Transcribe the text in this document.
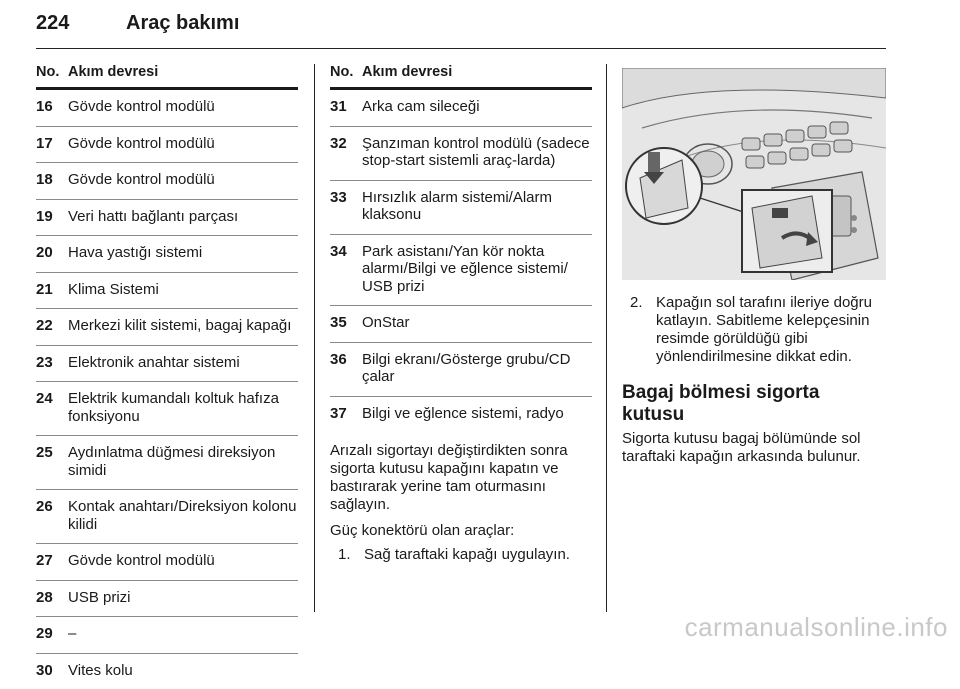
224	Araç bakımı
No. Akım devresi
16	Gövde kontrol modülü
17	Gövde kontrol modülü
18	Gövde kontrol modülü
19	Veri hattı bağlantı parçası
20	Hava yastığı sistemi
21	Klima Sistemi
22	Merkezi kilit sistemi, bagaj kapağı
23	Elektronik anahtar sistemi
24	Elektrik kumandalı koltuk hafıza fonksiyonu
25	Aydınlatma düğmesi direksiyon simidi
26	Kontak anahtarı/Direksiyon kolonu kilidi
27	Gövde kontrol modülü
28	USB prizi
29	–
30	Vites kolu
No. Akım devresi
31	Arka cam sileceği
32	Şanzıman kontrol modülü (sadece stop-start sistemli araç-larda)
33	Hırsızlık alarm sistemi/Alarm klaksonu
34	Park asistanı/Yan kör nokta alarmı/Bilgi ve eğlence sistemi/ USB prizi
35	OnStar
36	Bilgi ekranı/Gösterge grubu/CD çalar
37	Bilgi ve eğlence sistemi, radyo
Arızalı sigortayı değiştirdikten sonra sigorta kutusu kapağını kapatın ve bastırarak yerine tam oturmasını sağlayın.
Güç konektörü olan araçlar:
1. Sağ taraftaki kapağı uygulayın.
2. Kapağın sol tarafını ileriye doğru katlayın. Sabitleme kelepçesinin resimde görüldüğü gibi yönlendirilmesine dikkat edin.
Bagaj bölmesi sigorta kutusu
Sigorta kutusu bagaj bölümünde sol taraftaki kapağın arkasında bulunur.
carmanualsonline.info
